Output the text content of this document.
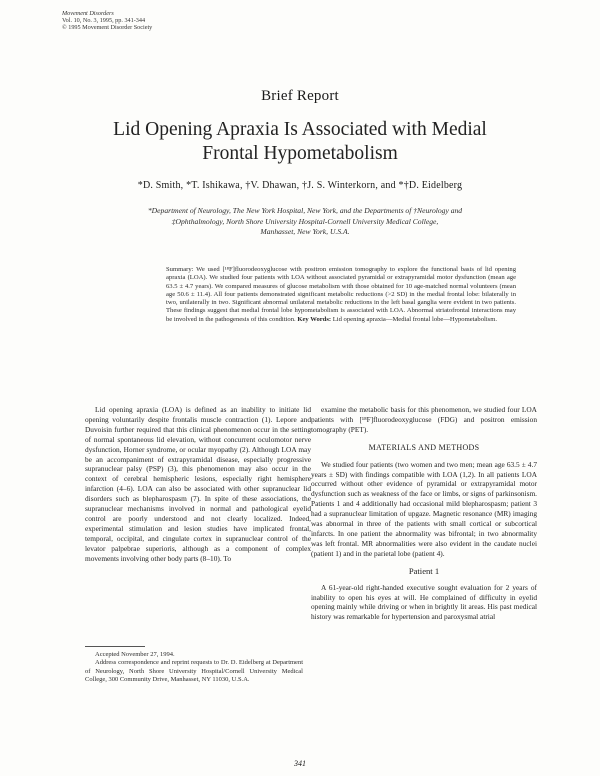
Movement Disorders
Vol. 10, No. 3, 1995, pp. 341-344
© 1995 Movement Disorder Society
Brief Report
Lid Opening Apraxia Is Associated with Medial
Frontal Hypometabolism
*D. Smith, *T. Ishikawa, †V. Dhawan, †J. S. Winterkorn, and *†D. Eidelberg
*Department of Neurology, The New York Hospital, New York, and the Departments of †Neurology and
‡Ophthalmology, North Shore University Hospital-Cornell University Medical College,
Manhasset, New York, U.S.A.
Summary: We used [¹⁸F]fluorodeoxyglucose with positron emission tomography to explore the functional basis of lid opening apraxia (LOA). We studied four patients with LOA without associated pyramidal or extrapyramidal motor dysfunction (mean age 63.5 ± 4.7 years). We compared measures of glucose metabolism with those obtained for 10 age-matched normal volunteers (mean age 50.6 ± 11.4). All four patients demonstrated significant metabolic reductions (>2 SD) in the medial frontal lobe: bilaterally in two, unilaterally in two. Significant abnormal unilateral metabolic reductions in the left basal ganglia were evident in two patients. These findings suggest that medial frontal lobe hypometabolism is associated with LOA. Abnormal striatofrontal interactions may be involved in the pathogenesis of this condition. Key Words: Lid opening apraxia—Medial frontal lobe—Hypometabolism.

Lid opening apraxia (LOA) is defined as an inability to initiate lid opening voluntarily despite frontalis muscle contraction (1). Lepore and Duvoisin further required that this clinical phenomenon occur in the setting of normal spontaneous lid elevation, without concurrent oculomotor nerve dysfunction, Horner syndrome, or ocular myopathy (2). Although LOA may be an accompaniment of extrapyramidal disease, especially progressive supranuclear palsy (PSP) (3), this phenomenon may also occur in the context of cerebral hemispheric lesions, especially right hemisphere infarction (4–6). LOA can also be associated with other supranuclear lid disorders such as blepharospasm (7). In spite of these associations, the supranuclear mechanisms involved in normal and pathological eyelid control are poorly understood and not clearly localized. Indeed, experimental stimulation and lesion studies have implicated frontal, temporal, occipital, and cingulate cortex in supranuclear control of the levator palpebrae superioris, although as a component of complex movements involving other body parts (8–10). To

examine the metabolic basis for this phenomenon, we studied four LOA patients with [¹⁸F]fluorodeoxyglucose (FDG) and positron emission tomography (PET).

MATERIALS AND METHODS

We studied four patients (two women and two men; mean age 63.5 ± 4.7 years ± SD) with findings compatible with LOA (1,2). In all patients LOA occurred without other evidence of pyramidal or extrapyramidal motor dysfunction such as weakness of the face or limbs, or signs of parkinsonism. Patients 1 and 4 additionally had occasional mild blepharospasm; patient 3 had a supranuclear limitation of upgaze. Magnetic resonance (MR) imaging was abnormal in three of the patients with small cortical or subcortical infarcts. In one patient the abnormality was bifrontal; in two abnormality was left frontal. MR abnormalities were also evident in the caudate nuclei (patient 1) and in the parietal lobe (patient 4).

Patient 1

A 61-year-old right-handed executive sought evaluation for 2 years of inability to open his eyes at will. He complained of difficulty in eyelid opening mainly while driving or when in brightly lit areas. His past medical history was remarkable for hypertension and paroxysmal atrial

Accepted November 27, 1994.

Address correspondence and reprint requests to Dr. D. Eidelberg at Department of Neurology, North Shore University Hospital/Cornell University Medical College, 300 Community Drive, Manhasset, NY 11030, U.S.A.

341
